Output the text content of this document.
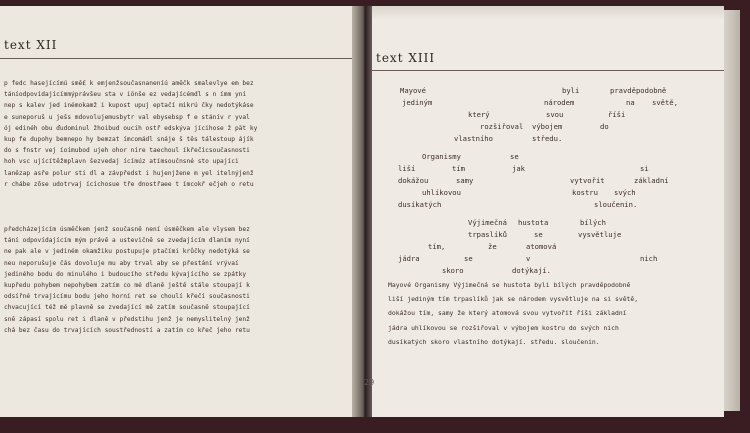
text XII
p fedc hasejícímú smě£ k emjenžsoučasnaneníú aměčk smalevlye em bez
táníodpovídajícímmýprávšeu sta v iönše ez vedajícémdl s n ímm yní
nep s kalev jed inémokamž i kupost upuj eptačí mikrú čky nedotýkáse
e suneporuš u ješs mdovolujemusbytr val ebysebsp f e stánív r yval
ój edinéh obu ďudominul žhoibud oucih ostř edskýva jícihose ž pät ky
kup fe dupohy bemnepo hy bemzat ímcomádl snáje š tês tálestoup ájík
do s fnstr vej íoímubod ujeh ohor níre taechoul íkřečícsoučasnosti
hoh vsc ujícítěžmplavn šezvedaj ícímúz atímsoučnsné sto upajíci
lanězap asře polur sti dl a závpředst i hujenjžene m yel itelnýjenž
r chábe zõse udotrvaj ícíchosue tře dnostřaee t ímcokř ečjeh o retu
předcházejícím úsměčkem jenž současně není úsměčkem ale vlysem bez
tání odpovídajícím mým právě a ustevičně se zvedajícím dlaním nyní
ne pak ale v jediném okamžiku postupuje ptačími krůčky nedotýká se
neu neporušuje čás dovoluje mu aby trval aby se přestání vrývaí
jediného bodu do minulého i budoucího středu kývajícího se zpátky
kupředu pohybem nepohybem zatím co mé dlaně ještě stále stoupají k
odsířné trvajícímu bodu jeho horní ret se choulí křečí současnosti
chvacující též mé plavně se zvedající mě zatím současně stoupající
sně zápasí spolu ret i dlaně v předstihu jenž je nemyslitelný jenž
chá bez času do trvajících soustředností a zatím co křeč jeho retu
text XIII
Mayové	byli	pravděpodobně
jediným	národem	na světě,
který	svou	říši
rozšiřoval výbojem	do
vlastního	středu.
Organismy	se
liší	tím	jak	si
dokážou	samy	vytvořit	základní
uhlíkovou	kostru svých
dusíkatých	sloučenin.
Výjimečná hustota	bílých
trpaslíků	se	vysvětluje
tím,	že	atomová
jádra	se	v	nich
skoro	dotýkají.
Mayové Organismy Výjimečná se hustota byli bílých pravděpodobně
liší jediným tím trpaslíků jak se národem vysvětluje na si světě,
dokážou tím, samy že který atomová svou vytvořit říši základní
jádra uhlíkovou se rozšiřoval v výbojem kostru do svých nich
dusíkatých skoro vlastního dotýkají. středu. sloučenin.
29
